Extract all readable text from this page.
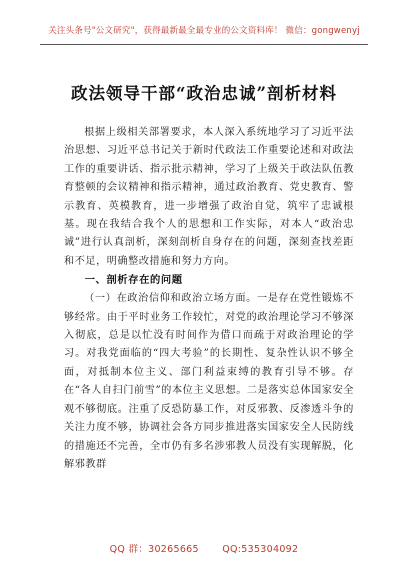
关注头条号"公文研究"，获得最新最全最专业的公文资料库！ 微信：gongwenyj
政法领导干部“政治忠诚”剖析材料

根据上级相关部署要求，本人深入系统地学习了习近平法治思想、习近平总书记关于新时代政法工作重要论述和对政法工作的重要讲话、指示批示精神，学习了上级关于政法队伍教育整顿的会议精神和指示精神，通过政治教育、党史教育、警示教育、英模教育，进一步增强了政治自觉，筑牢了忠诚根基。现在我结合我个人的思想和工作实际，对本人“政治忠诚”进行认真剖析，深刻剖析自身存在的问题，深刻查找差距和不足，明确整改措施和努力方向。

一、剖析存在的问题

（一）在政治信仰和政治立场方面。一是存在党性锻炼不够经常。由于平时业务工作较忙，对党的政治理论学习不够深入彻底，总是以忙没有时间作为借口而疏于对政治理论的学习。对我党面临的“四大考验”的长期性、复杂性认识不够全面，对抵制本位主义、部门利益束缚的教育引导不够。存在“各人自扫门前雪”的本位主义思想。二是落实总体国家安全观不够彻底。注重了反恐防暴工作，对反邪教、反渗透斗争的关注力度不够，协调社会各方同步推进落实国家安全人民防线的措施还不完善，全市仍有多名涉邪教人员没有实现解脱，化解邪教群

QQ 群：30265665 QQ:535304092
